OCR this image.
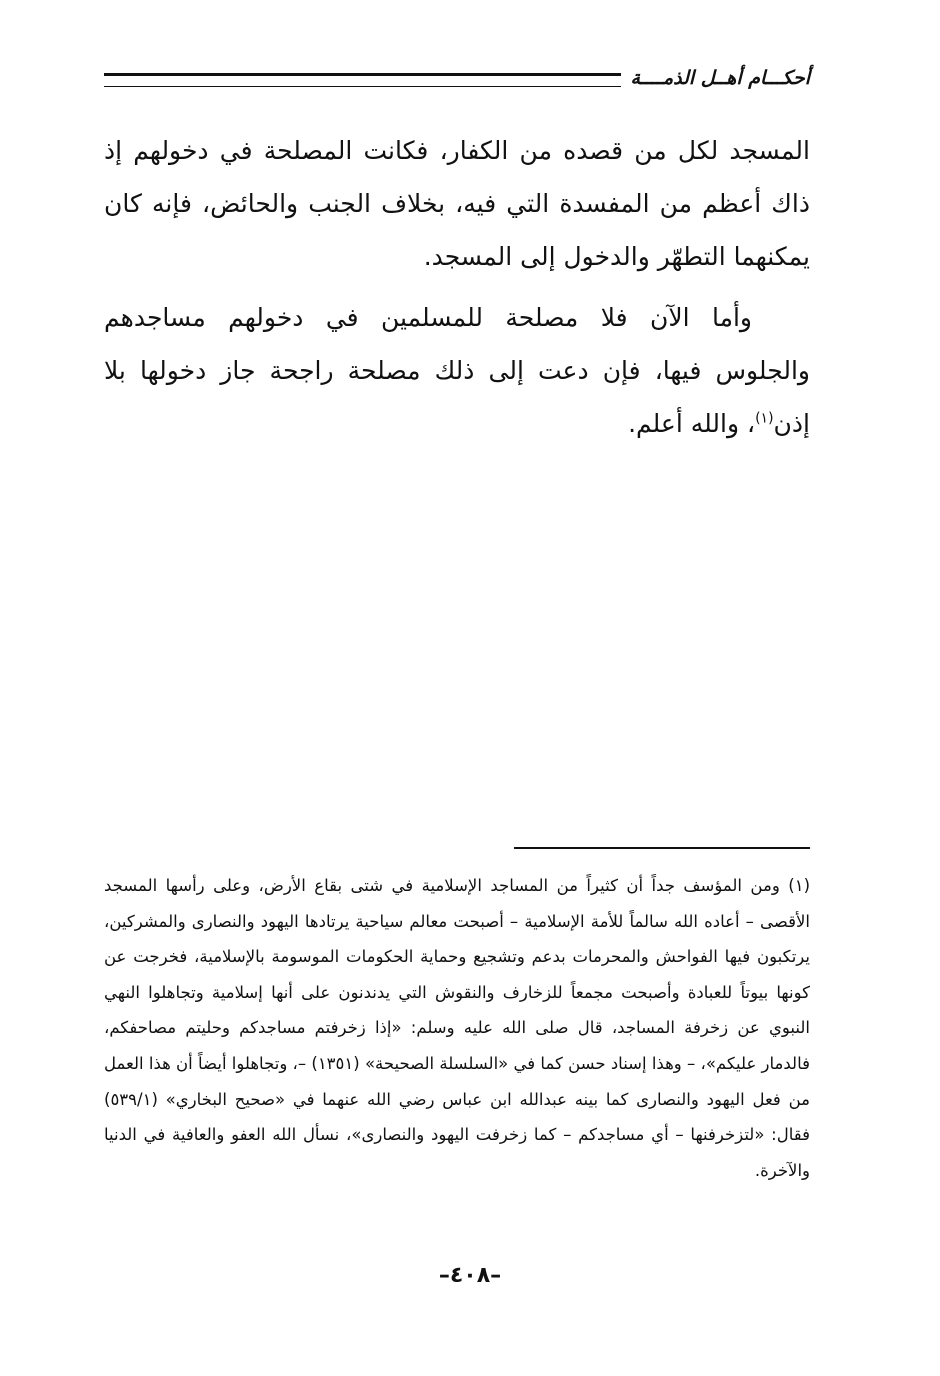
أحكـــام أهــل الذمــــة

المسجد لكل من قصده من الكفار، فكانت المصلحة في دخولهم إذ ذاك أعظم من المفسدة التي فيه، بخلاف الجنب والحائض، فإنه كان يمكنهما التطهّر والدخول إلى المسجد.

وأما الآن فلا مصلحة للمسلمين في دخولهم مساجدهم والجلوس فيها، فإن دعت إلى ذلك مصلحة راجحة جاز دخولها بلا إذن$^{(١)}$، والله أعلم.

(١) ومن المؤسف جداً أن كثيراً من المساجد الإسلامية في شتى بقاع الأرض، وعلى رأسها المسجد الأقصى – أعاده الله سالماً للأمة الإسلامية – أصبحت معالم سياحية يرتادها اليهود والنصارى والمشركين، يرتكبون فيها الفواحش والمحرمات بدعم وتشجيع وحماية الحكومات الموسومة بالإسلامية، فخرجت عن كونها بيوتاً للعبادة وأصبحت مجمعاً للزخارف والنقوش التي يدندنون على أنها إسلامية وتجاهلوا النهي النبوي عن زخرفة المساجد، قال صلى الله عليه وسلم: «إذا زخرفتم مساجدكم وحليتم مصاحفكم، فالدمار عليكم»، – وهذا إسناد حسن كما في «السلسلة الصحيحة» (١٣٥١) –، وتجاهلوا أيضاً أن هذا العمل من فعل اليهود والنصارى كما بينه عبدالله ابن عباس رضي الله عنهما في «صحيح البخاري» (٥٣٩/١) فقال: «لتزخرفنها – أي مساجدكم – كما زخرفت اليهود والنصارى»، نسأل الله العفو والعافية في الدنيا والآخرة.

–٤٠٨–
